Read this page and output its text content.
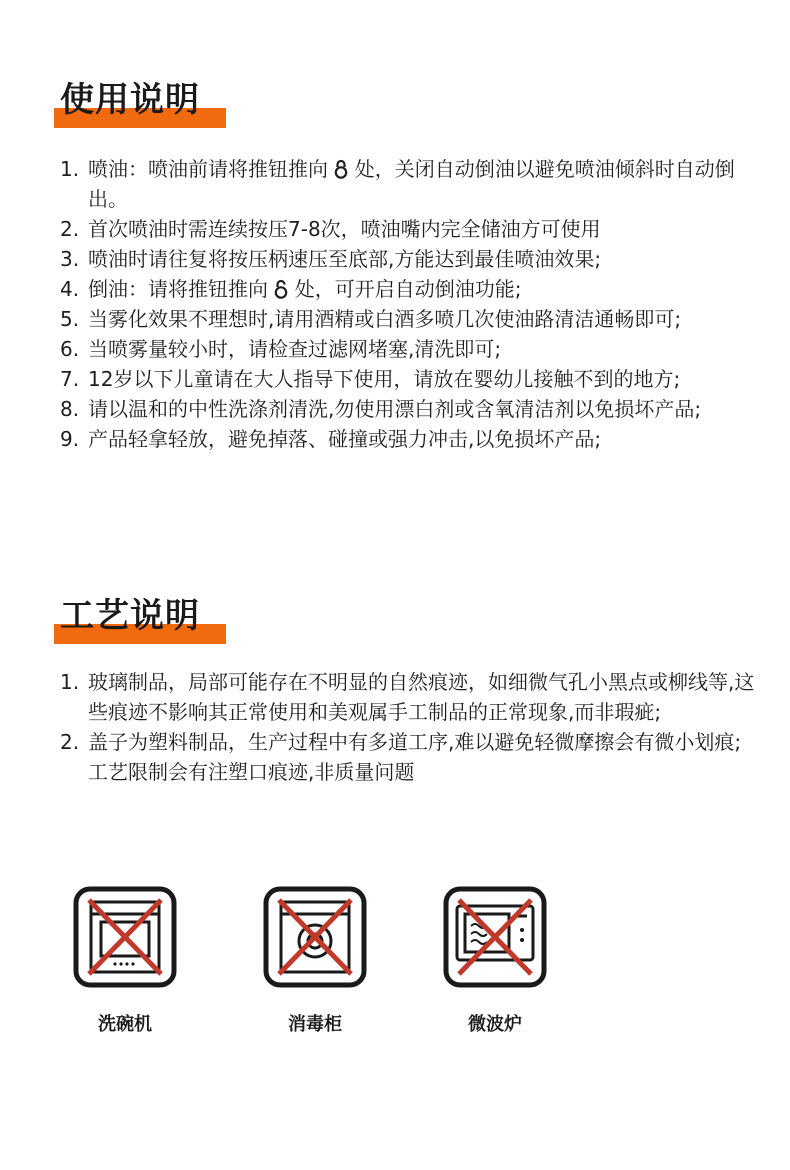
使用说明
1. 喷油：喷油前请将推钮推向 处，关闭自动倒油以避免喷油倾斜时自动倒出。
2. 首次喷油时需连续按压7-8次，喷油嘴内完全储油方可使用
3. 喷油时请往复将按压柄速压至底部,方能达到最佳喷油效果;
4. 倒油：请将推钮推向 处，可开启自动倒油功能;
5. 当雾化效果不理想时,请用酒精或白酒多喷几次使油路清洁通畅即可;
6. 当喷雾量较小时，请检查过滤网堵塞,清洗即可;
7. 12岁以下儿童请在大人指导下使用，请放在婴幼儿接触不到的地方;
8. 请以温和的中性洗涤剂清洗,勿使用漂白剂或含氧清洁剂以免损坏产品;
9. 产品轻拿轻放，避免掉落、碰撞或强力冲击,以免损坏产品;
工艺说明
1. 玻璃制品，局部可能存在不明显的自然痕迹，如细微气孔小黑点或柳线等,这些痕迹不影响其正常使用和美观属手工制品的正常现象,而非瑕疵;
2. 盖子为塑料制品，生产过程中有多道工序,难以避免轻微摩擦会有微小划痕;工艺限制会有注塑口痕迹,非质量问题
洗碗机	消毒柜	微波炉
